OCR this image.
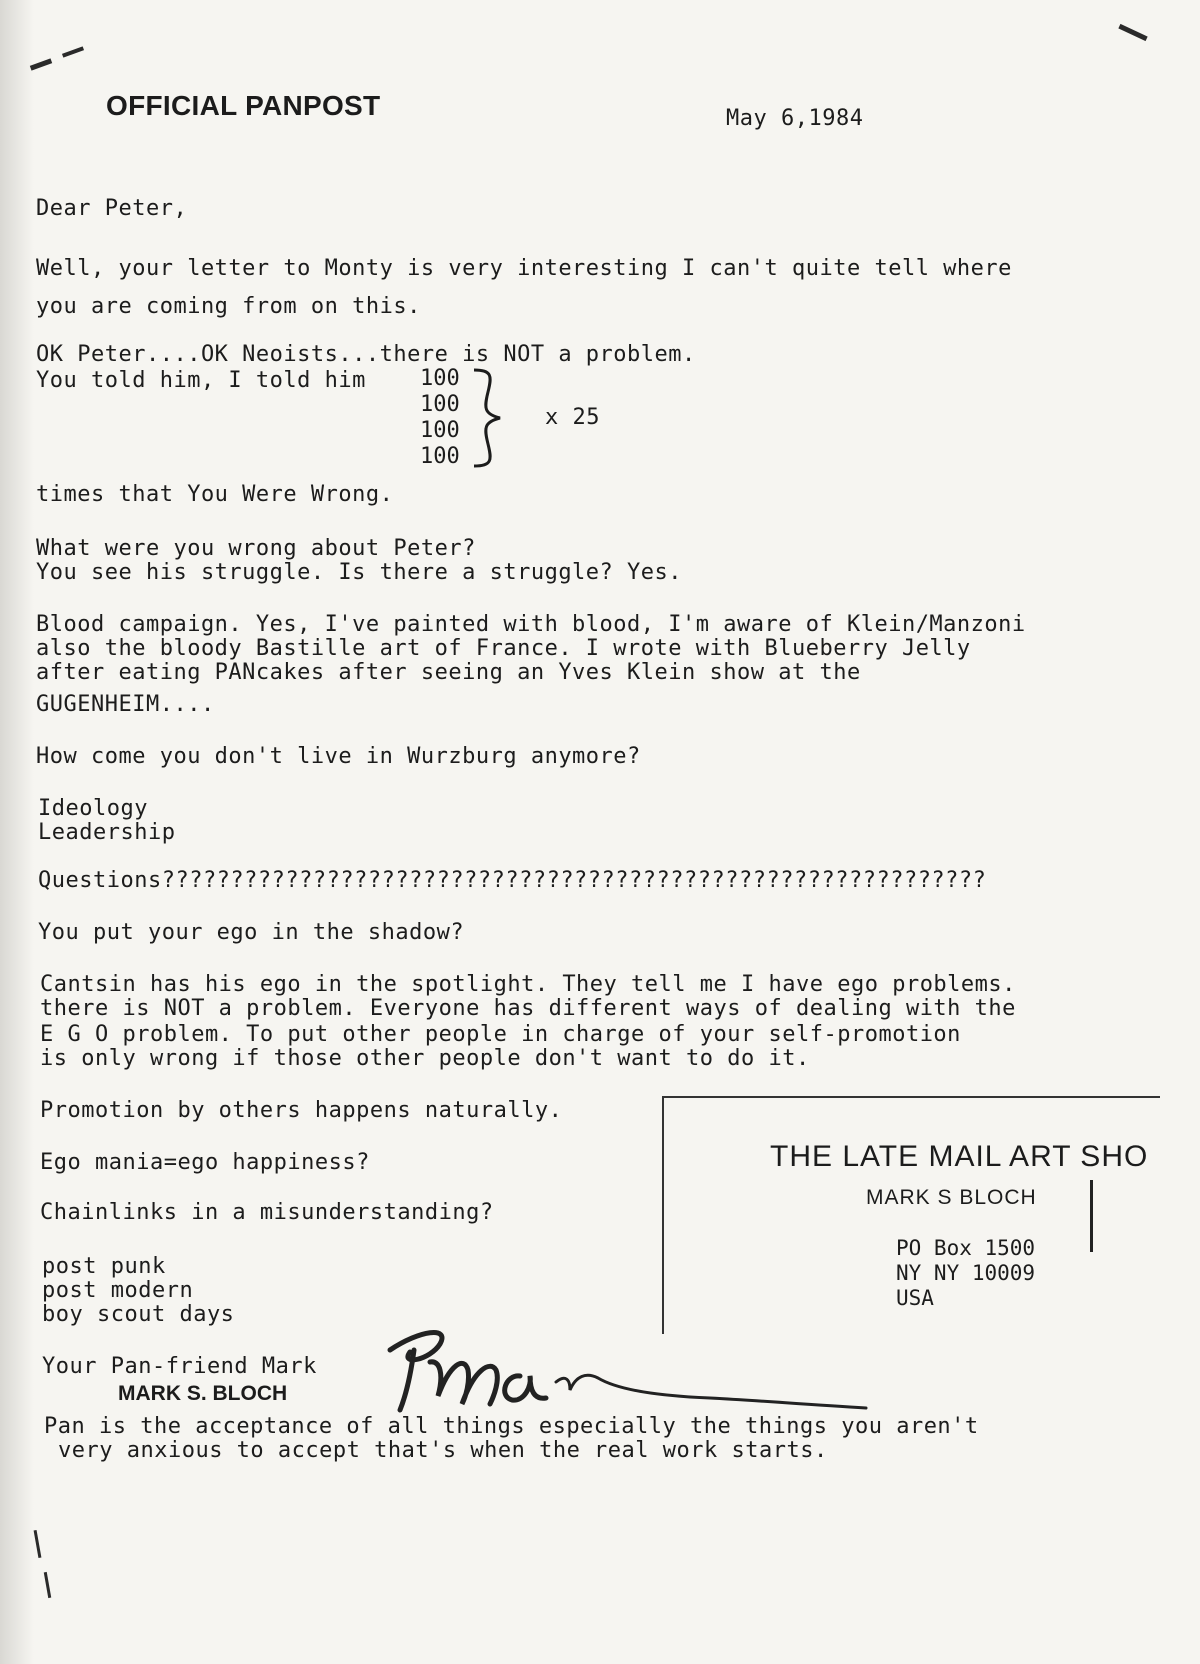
OFFICIAL PANPOST	May 6,1984
Dear Peter,
Well, your letter to Monty is very interesting I can't quite tell where
you are coming from on this.
OK Peter....OK Neoists...there is NOT a problem.
You told him, I told him 100
100
100
100
x 25
times that You Were Wrong.
What were you wrong about Peter?
You see his struggle. Is there a struggle? Yes.
Blood campaign. Yes, I've painted with blood, I'm aware of Klein/Manzoni
also the bloody Bastille art of France. I wrote with Blueberry Jelly
after eating PANcakes after seeing an Yves Klein show at the
GUGENHEIM....
How come you don't live in Wurzburg anymore?
Ideology
Leadership
Questions????????????????????????????????????????????????????????????
You put your ego in the shadow?
Cantsin has his ego in the spotlight. They tell me I have ego problems.
there is NOT a problem. Everyone has different ways of dealing with the
E G O problem. To put other people in charge of your self-promotion
is only wrong if those other people don't want to do it.
Promotion by others happens naturally.
Ego mania=ego happiness?
Chainlinks in a misunderstanding?
post punk
post modern
boy scout days
Your Pan-friend Mark
MARK S. BLOCH
Pan is the acceptance of all things especially the things you aren't
very anxious to accept that's when the real work starts.
THE LATE MAIL ART SHO
MARK S BLOCH
PO Box 1500
NY NY 10009
USA
